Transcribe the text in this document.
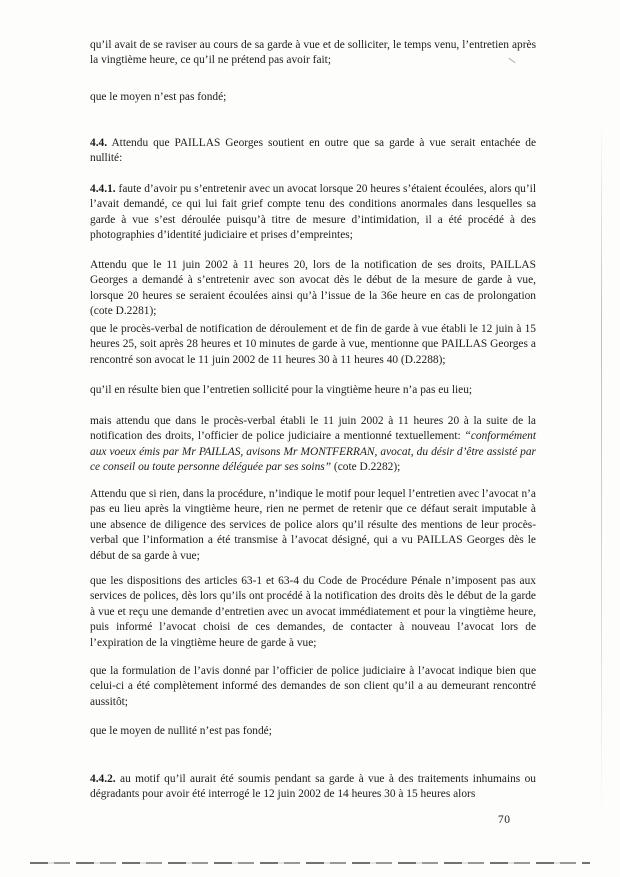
qu’il avait de se raviser au cours de sa garde à vue et de solliciter, le temps venu, l’entretien après la vingtième heure, ce qu’il ne prétend pas avoir fait;
que le moyen n’est pas fondé;
4.4. Attendu que PAILLAS Georges soutient en outre que sa garde à vue serait entachée de nullité:
4.4.1. faute d’avoir pu s’entretenir avec un avocat lorsque 20 heures s’étaient écoulées, alors qu’il l’avait demandé, ce qui lui fait grief compte tenu des conditions anormales dans lesquelles sa garde à vue s’est déroulée puisqu’à titre de mesure d’intimidation, il a été procédé à des photographies d’identité judiciaire et prises d’empreintes;
Attendu que le 11 juin 2002 à 11 heures 20, lors de la notification de ses droits, PAILLAS Georges a demandé à s’entretenir avec son avocat dès le début de la mesure de garde à vue, lorsque 20 heures se seraient écoulées ainsi qu’à l’issue de la 36e heure en cas de prolongation (cote D.2281);
que le procès-verbal de notification de déroulement et de fin de garde à vue établi le 12 juin à 15 heures 25, soit après 28 heures et 10 minutes de garde à vue, mentionne que PAILLAS Georges a rencontré son avocat le 11 juin 2002 de 11 heures 30 à 11 heures 40 (D.2288);
qu’il en résulte bien que l’entretien sollicité pour la vingtième heure n’a pas eu lieu;
mais attendu que dans le procès-verbal établi le 11 juin 2002 à 11 heures 20 à la suite de la notification des droits, l’officier de police judiciaire a mentionné textuellement: “conformément aux voeux émis par Mr PAILLAS, avisons Mr MONTFERRAN, avocat, du désir d’être assisté par ce conseil ou toute personne déléguée par ses soins” (cote D.2282);
Attendu que si rien, dans la procédure, n’indique le motif pour lequel l’entretien avec l’avocat n’a pas eu lieu après la vingtième heure, rien ne permet de retenir que ce défaut serait imputable à une absence de diligence des services de police alors qu’il résulte des mentions de leur procès-verbal que l’information a été transmise à l’avocat désigné, qui a vu PAILLAS Georges dès le début de sa garde à vue;
que les dispositions des articles 63-1 et 63-4 du Code de Procédure Pénale n’imposent pas aux services de polices, dès lors qu’ils ont procédé à la notification des droits dès le début de la garde à vue et reçu une demande d’entretien avec un avocat immédiatement et pour la vingtième heure, puis informé l’avocat choisi de ces demandes, de contacter à nouveau l’avocat lors de l’expiration de la vingtième heure de garde à vue;
que la formulation de l’avis donné par l’officier de police judiciaire à l’avocat indique bien que celui-ci a été complètement informé des demandes de son client qu’il a au demeurant rencontré aussitôt;
que le moyen de nullité n’est pas fondé;
4.4.2. au motif qu’il aurait été soumis pendant sa garde à vue à des traitements inhumains ou dégradants pour avoir été interrogé le 12 juin 2002 de 14 heures 30 à 15 heures alors
70
